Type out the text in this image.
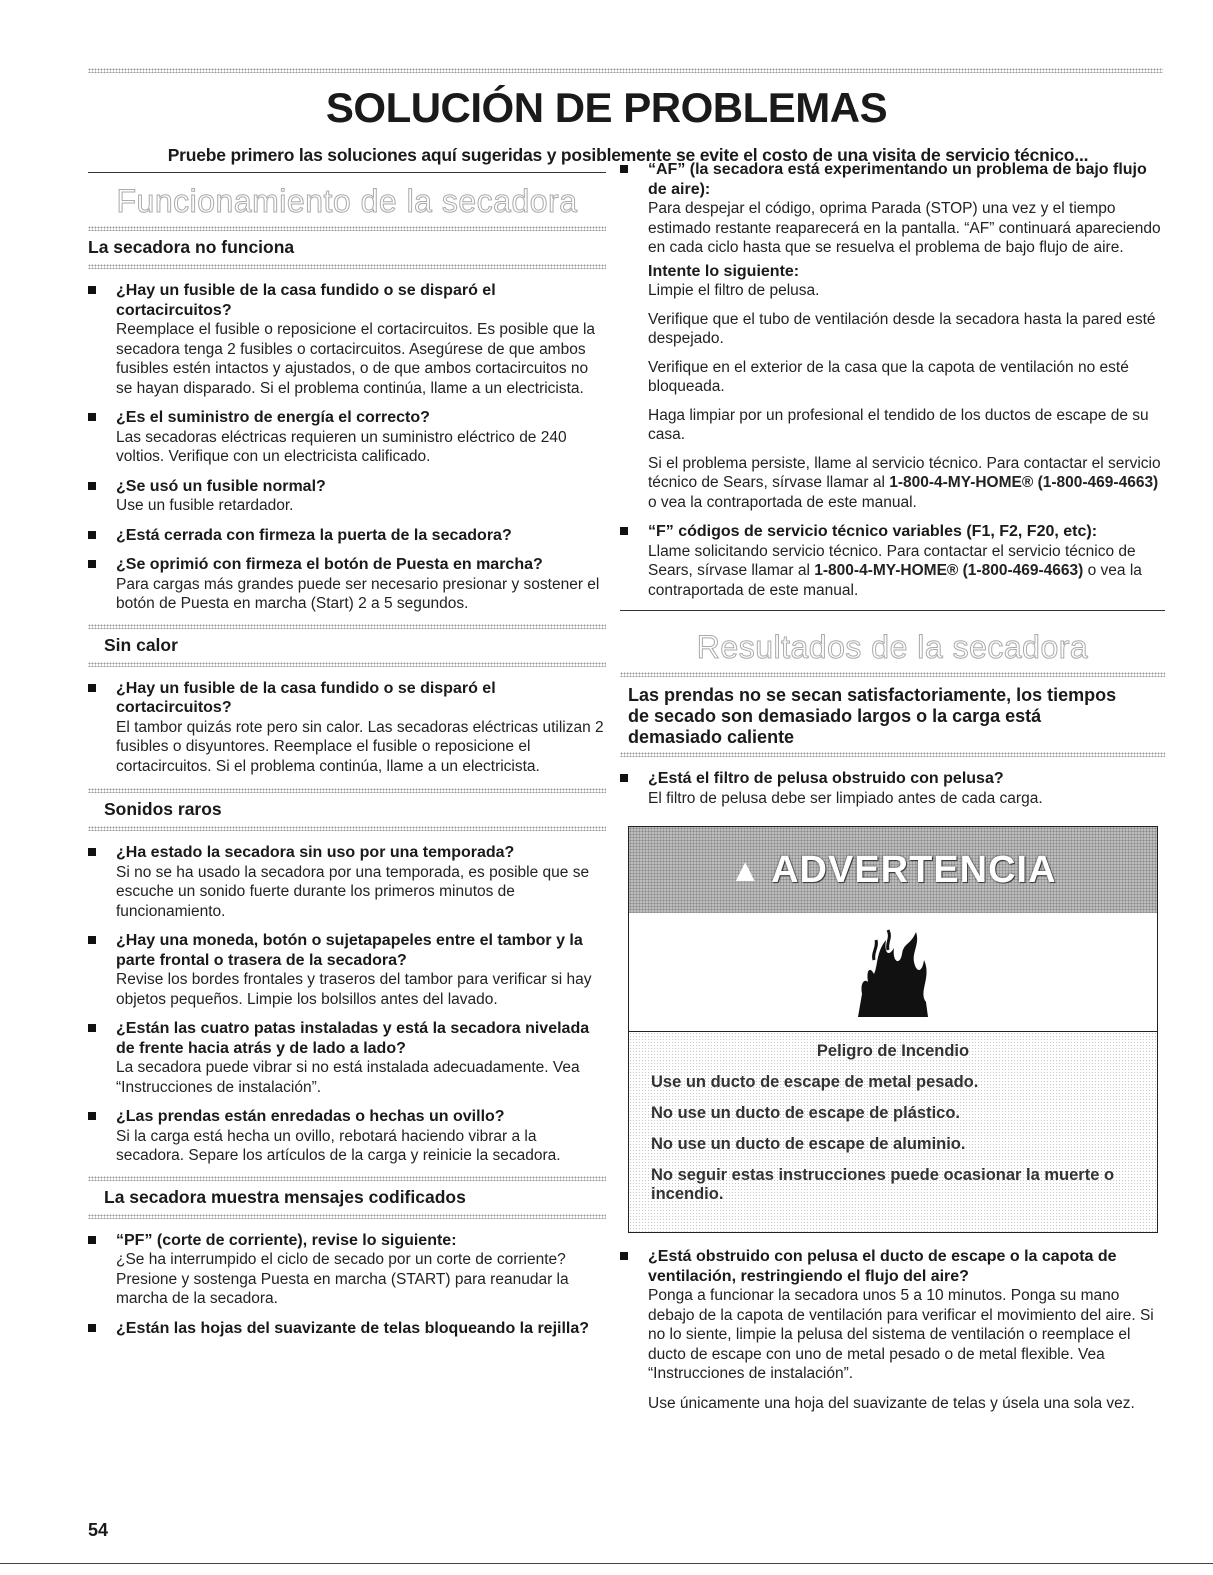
SOLUCIÓN DE PROBLEMAS

Pruebe primero las soluciones aquí sugeridas y posiblemente se evite el costo de una visita de servicio técnico...

Funcionamiento de la secadora
La secadora no funciona
¿Hay un fusible de la casa fundido o se disparó el cortacircuitos?
Reemplace el fusible o reposicione el cortacircuitos. Es posible que la secadora tenga 2 fusibles o cortacircuitos. Asegúrese de que ambos fusibles estén intactos y ajustados, o de que ambos cortacircuitos no se hayan disparado. Si el problema continúa, llame a un electricista.
¿Es el suministro de energía el correcto?
Las secadoras eléctricas requieren un suministro eléctrico de 240 voltios. Verifique con un electricista calificado.
¿Se usó un fusible normal?
Use un fusible retardador.
¿Está cerrada con firmeza la puerta de la secadora?
¿Se oprimió con firmeza el botón de Puesta en marcha?
Para cargas más grandes puede ser necesario presionar y sostener el botón de Puesta en marcha (Start) 2 a 5 segundos.
Sin calor
¿Hay un fusible de la casa fundido o se disparó el cortacircuitos?
El tambor quizás rote pero sin calor. Las secadoras eléctricas utilizan 2 fusibles o disyuntores. Reemplace el fusible o reposicione el cortacircuitos. Si el problema continúa, llame a un electricista.
Sonidos raros
¿Ha estado la secadora sin uso por una temporada?
Si no se ha usado la secadora por una temporada, es posible que se escuche un sonido fuerte durante los primeros minutos de funcionamiento.
¿Hay una moneda, botón o sujetapapeles entre el tambor y la parte frontal o trasera de la secadora?
Revise los bordes frontales y traseros del tambor para verificar si hay objetos pequeños. Limpie los bolsillos antes del lavado.
¿Están las cuatro patas instaladas y está la secadora nivelada de frente hacia atrás y de lado a lado?
La secadora puede vibrar si no está instalada adecuadamente. Vea “Instrucciones de instalación”.
¿Las prendas están enredadas o hechas un ovillo?
Si la carga está hecha un ovillo, rebotará haciendo vibrar a la secadora. Separe los artículos de la carga y reinicie la secadora.
La secadora muestra mensajes codificados
“PF” (corte de corriente), revise lo siguiente:
¿Se ha interrumpido el ciclo de secado por un corte de corriente? Presione y sostenga Puesta en marcha (START) para reanudar la marcha de la secadora.
¿Están las hojas del suavizante de telas bloqueando la rejilla?
“AF” (la secadora está experimentando un problema de bajo flujo de aire):
Para despejar el código, oprima Parada (STOP) una vez y el tiempo estimado restante reaparecerá en la pantalla. “AF” continuará apareciendo en cada ciclo hasta que se resuelva el problema de bajo flujo de aire.

Intente lo siguiente:

Limpie el filtro de pelusa.

Verifique que el tubo de ventilación desde la secadora hasta la pared esté despejado.

Verifique en el exterior de la casa que la capota de ventilación no esté bloqueada.

Haga limpiar por un profesional el tendido de los ductos de escape de su casa.

Si el problema persiste, llame al servicio técnico. Para contactar el servicio técnico de Sears, sírvase llamar al 1-800-4-MY-HOME® (1-800-469-4663) o vea la contraportada de este manual.

“F” códigos de servicio técnico variables (F1, F2, F20, etc):
Llame solicitando servicio técnico. Para contactar el servicio técnico de Sears, sírvase llamar al 1-800-4-MY-HOME® (1-800-469-4663) o vea la contraportada de este manual.
Resultados de la secadora
Las prendas no se secan satisfactoriamente, los tiempos de secado son demasiado largos o la carga está demasiado caliente
¿Está el filtro de pelusa obstruido con pelusa?
El filtro de pelusa debe ser limpiado antes de cada carga.
▲ ADVERTENCIA

Peligro de Incendio

Use un ducto de escape de metal pesado.

No use un ducto de escape de plástico.

No use un ducto de escape de aluminio.

No seguir estas instrucciones puede ocasionar la muerte o incendio.

¿Está obstruido con pelusa el ducto de escape o la capota de ventilación, restringiendo el flujo del aire?
Ponga a funcionar la secadora unos 5 a 10 minutos. Ponga su mano debajo de la capota de ventilación para verificar el movimiento del aire. Si no lo siente, limpie la pelusa del sistema de ventilación o reemplace el ducto de escape con uno de metal pesado o de metal flexible. Vea “Instrucciones de instalación”.
Use únicamente una hoja del suavizante de telas y úsela una sola vez.
54
